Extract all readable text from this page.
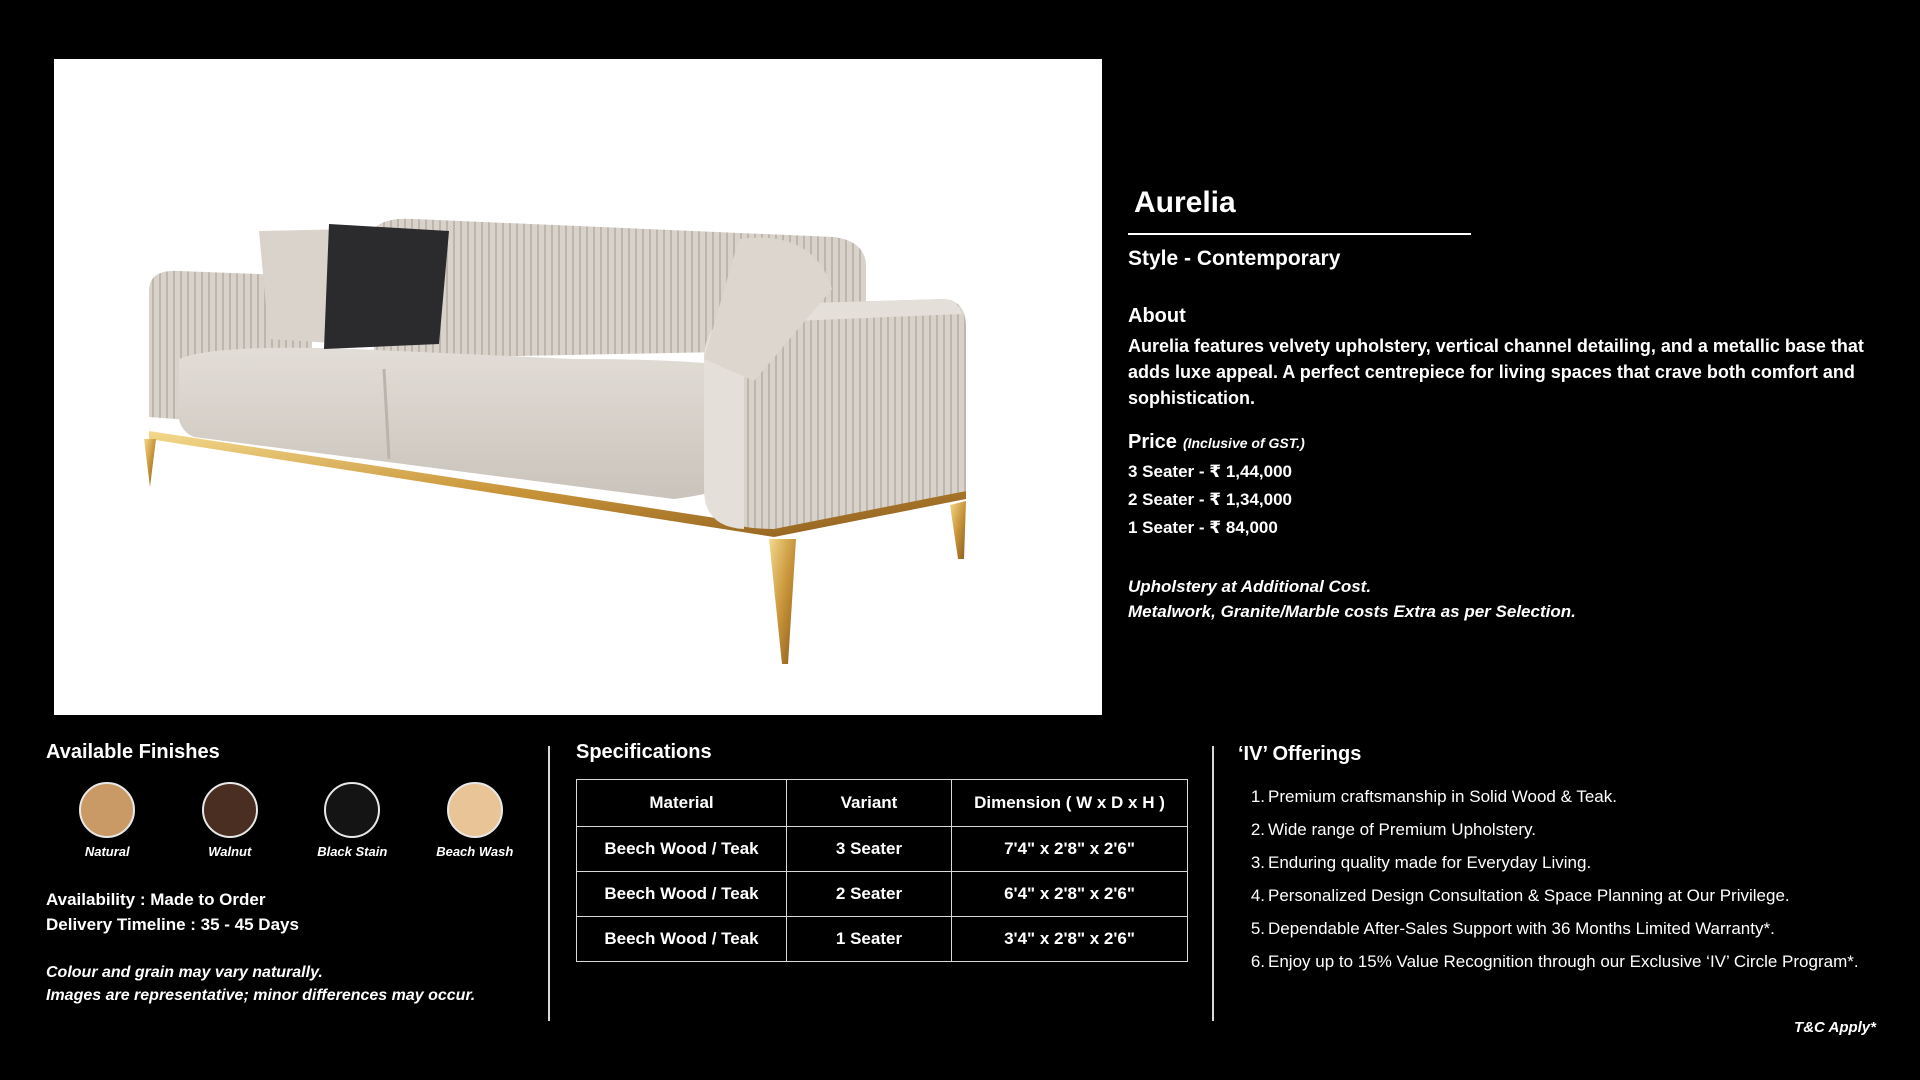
Aurelia
Style - Contemporary
About
Aurelia features velvety upholstery, vertical channel detailing, and a metallic base that adds luxe appeal. A perfect centrepiece for living spaces that crave both comfort and sophistication.
Price (Inclusive of GST.)
3 Seater - ₹ 1,44,000
2 Seater - ₹ 1,34,000
1 Seater - ₹ 84,000
Upholstery at Additional Cost.
Metalwork, Granite/Marble costs Extra as per Selection.
Available Finishes
Natural	Walnut	Black Stain	Beach Wash
Availability : Made to Order
Delivery Timeline : 35 - 45 Days
Colour and grain may vary naturally.
Images are representative; minor differences may occur.
Specifications
Material	Variant	Dimension ( W x D x H )
Beech Wood / Teak	3 Seater	7'4" x 2'8" x 2'6"
Beech Wood / Teak	2 Seater	6'4" x 2'8" x 2'6"
Beech Wood / Teak	1 Seater	3'4" x 2'8" x 2'6"
‘IV’ Offerings
1. Premium craftsmanship in Solid Wood & Teak.
2. Wide range of Premium Upholstery.
3. Enduring quality made for Everyday Living.
4. Personalized Design Consultation & Space Planning at Our Privilege.
5. Dependable After-Sales Support with 36 Months Limited Warranty*.
6. Enjoy up to 15% Value Recognition through our Exclusive ‘IV’ Circle Program*.
T&C Apply*
